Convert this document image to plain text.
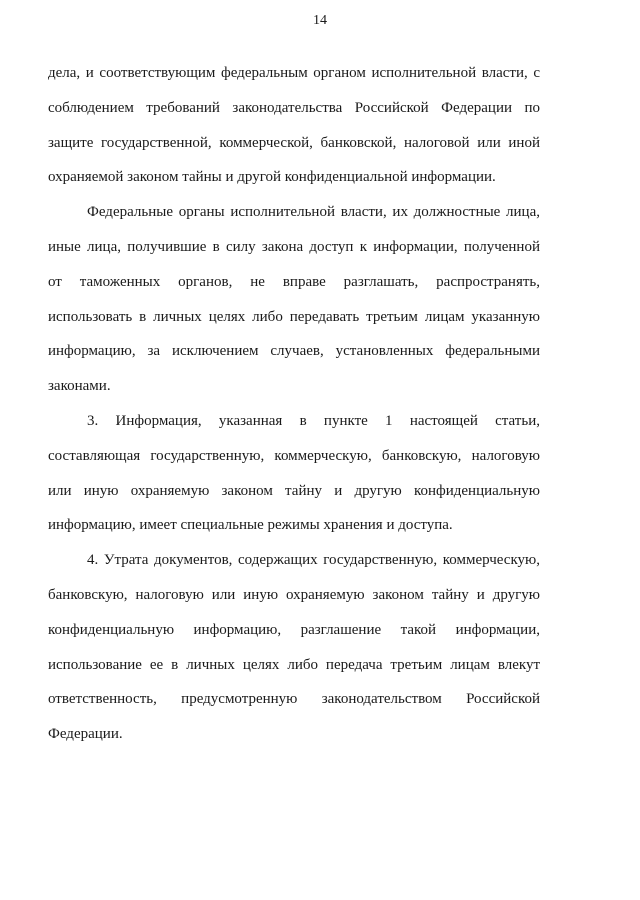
14
дела, и соответствующим федеральным органом исполнительной власти, с
соблюдением требований законодательства Российской Федерации по
защите государственной, коммерческой, банковской, налоговой или иной
охраняемой законом тайны и другой конфиденциальной информации.
Федеральные органы исполнительной власти, их должностные лица,
иные лица, получившие в силу закона доступ к информации, полученной
от таможенных органов, не вправе разглашать, распространять,
использовать в личных целях либо передавать третьим лицам указанную
информацию, за исключением случаев, установленных федеральными
законами.
3. Информация, указанная в пункте 1 настоящей статьи,
составляющая государственную, коммерческую, банковскую, налоговую
или иную охраняемую законом тайну и другую конфиденциальную
информацию, имеет специальные режимы хранения и доступа.
4. Утрата документов, содержащих государственную, коммерческую,
банковскую, налоговую или иную охраняемую законом тайну и другую
конфиденциальную информацию, разглашение такой информации,
использование ее в личных целях либо передача третьим лицам влекут
ответственность, предусмотренную законодательством Российской
Федерации.
